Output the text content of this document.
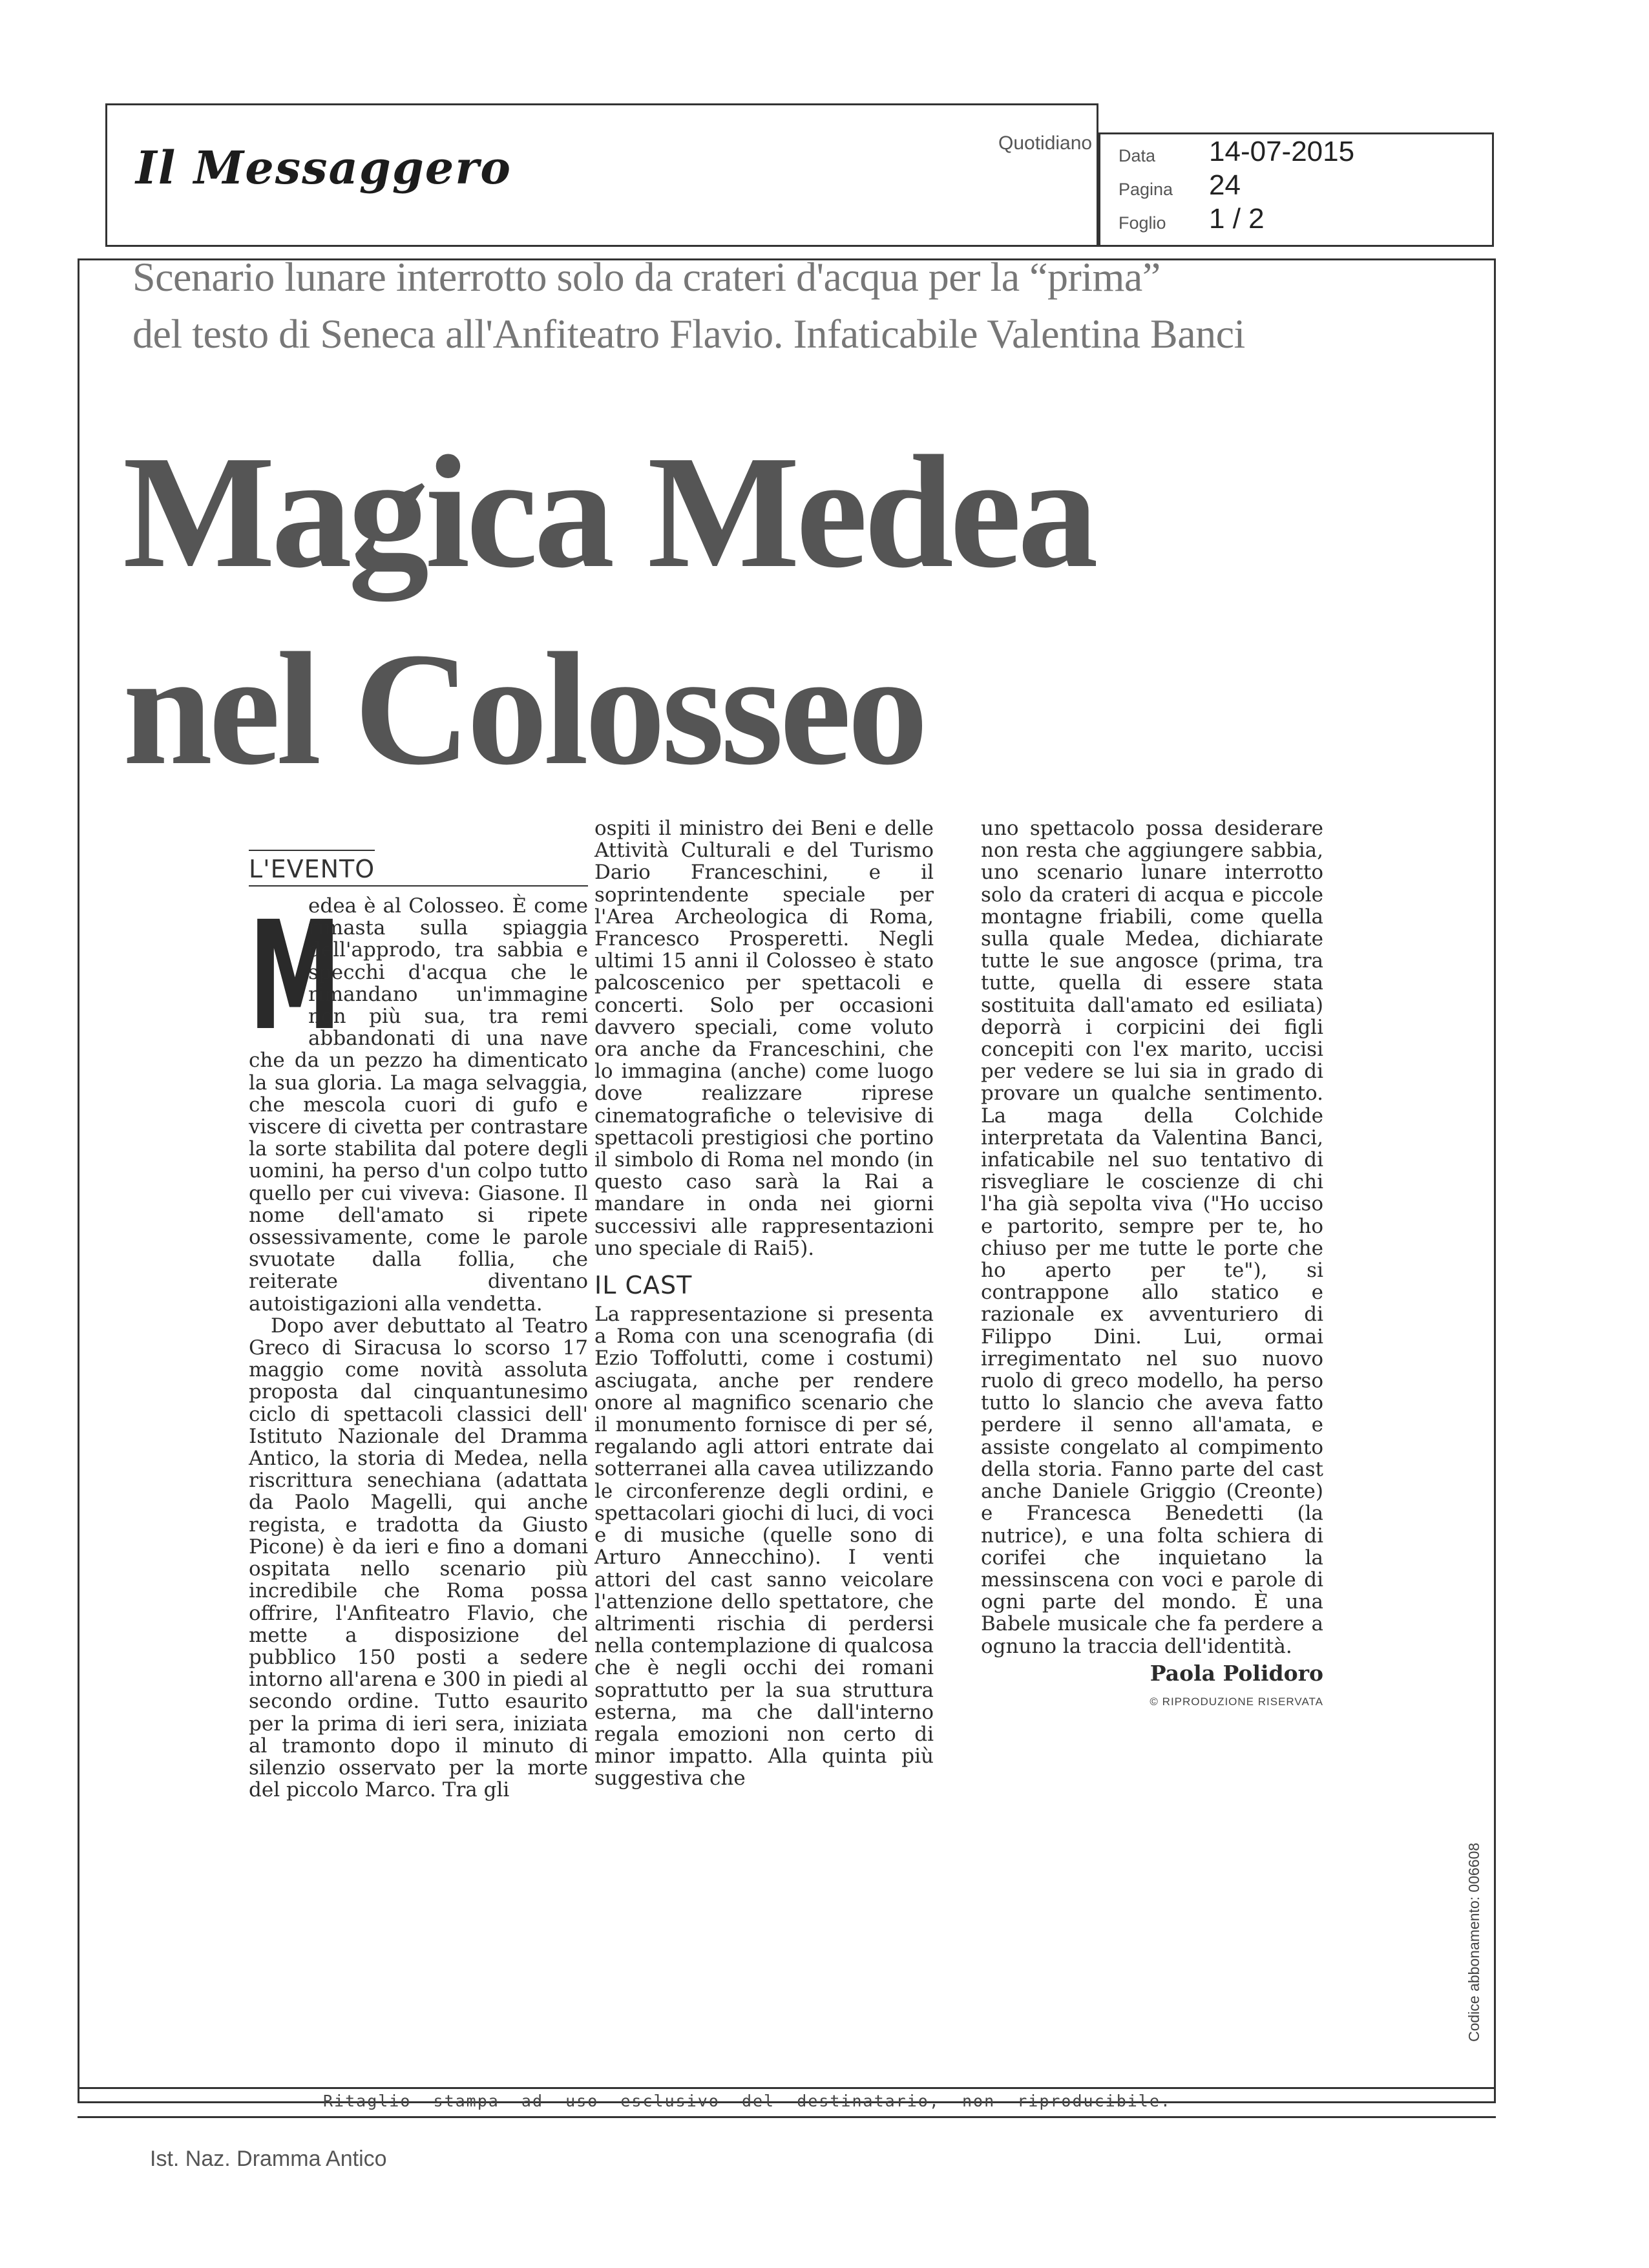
Il Messaggero	Quotidiano
Data 14-07-2015
Pagina 24
Foglio 1 / 2
Scenario lunare interrotto solo da crateri d'acqua per la “prima”
del testo di Seneca all'Anfiteatro Flavio. Infaticabile Valentina Banci
Magica Medea
nel Colosseo
L'EVENTO
M

edea è al Colosseo. È come rimasta sulla spiaggia dell'approdo, tra sabbia e specchi d'acqua che le rimandano un'immagine non più sua, tra remi abbandonati di una nave che da un pezzo ha dimenticato la sua gloria. La maga selvaggia, che mescola cuori di gufo e viscere di civetta per contrastare la sorte stabilita dal potere degli uomini, ha perso d'un colpo tutto quello per cui viveva: Giasone. Il nome dell'amato si ripete ossessivamente, come le parole svuotate dalla follia, che reiterate diventano autoistigazioni alla vendetta.

Dopo aver debuttato al Teatro Greco di Siracusa lo scorso 17 maggio come novità assoluta proposta dal cinquantunesimo ciclo di spettacoli classici dell' Istituto Nazionale del Dramma Antico, la storia di Medea, nella riscrittura senechiana (adattata da Paolo Magelli, qui anche regista, e tradotta da Giusto Picone) è da ieri e fino a domani ospitata nello scenario più incredibile che Roma possa offrire, l'Anfiteatro Flavio, che mette a disposizione del pubblico 150 posti a sedere intorno all'arena e 300 in piedi al secondo ordine. Tutto esaurito per la prima di ieri sera, iniziata al tramonto dopo il minuto di silenzio osservato per la morte del piccolo Marco. Tra gli

ospiti il ministro dei Beni e delle Attività Culturali e del Turismo Dario Franceschini, e il soprintendente speciale per l'Area Archeologica di Roma, Francesco Prosperetti. Negli ultimi 15 anni il Colosseo è stato palcoscenico per spettacoli e concerti. Solo per occasioni davvero speciali, come voluto ora anche da Franceschini, che lo immagina (anche) come luogo dove realizzare riprese cinematografiche o televisive di spettacoli prestigiosi che portino il simbolo di Roma nel mondo (in questo caso sarà la Rai a mandare in onda nei giorni successivi alle rappresentazioni uno speciale di Rai5).

IL CAST

La rappresentazione si presenta a Roma con una scenografia (di Ezio Toffolutti, come i costumi) asciugata, anche per rendere onore al magnifico scenario che il monumento fornisce di per sé, regalando agli attori entrate dai sotterranei alla cavea utilizzando le circonferenze degli ordini, e spettacolari giochi di luci, di voci e di musiche (quelle sono di Arturo Annecchino). I venti attori del cast sanno veicolare l'attenzione dello spettatore, che altrimenti rischia di perdersi nella contemplazione di qualcosa che è negli occhi dei romani soprattutto per la sua struttura esterna, ma che dall'interno regala emozioni non certo di minor impatto. Alla quinta più suggestiva che

uno spettacolo possa desiderare non resta che aggiungere sabbia, uno scenario lunare interrotto solo da crateri di acqua e piccole montagne friabili, come quella sulla quale Medea, dichiarate tutte le sue angosce (prima, tra tutte, quella di essere stata sostituita dall'amato ed esiliata) deporrà i corpicini dei figli concepiti con l'ex marito, uccisi per vedere se lui sia in grado di provare un qualche sentimento. La maga della Colchide interpretata da Valentina Banci, infaticabile nel suo tentativo di risvegliare le coscienze di chi l'ha già sepolta viva ("Ho ucciso e partorito, sempre per te, ho chiuso per me tutte le porte che ho aperto per te"), si contrappone allo statico e razionale ex avventuriero di Filippo Dini. Lui, ormai irregimentato nel suo nuovo ruolo di greco modello, ha perso tutto lo slancio che aveva fatto perdere il senno all'amata, e assiste congelato al compimento della storia. Fanno parte del cast anche Daniele Griggio (Creonte) e Francesca Benedetti (la nutrice), e una folta schiera di corifei che inquietano la messinscena con voci e parole di ogni parte del mondo. È una Babele musicale che fa perdere a ognuno la traccia dell'identità.

Paola Polidoro
© RIPRODUZIONE RISERVATA
Ritaglio  stampa  ad  uso  esclusivo  del  destinatario,  non  riproducibile.
Codice abbonamento: 006608
Ist. Naz. Dramma Antico
